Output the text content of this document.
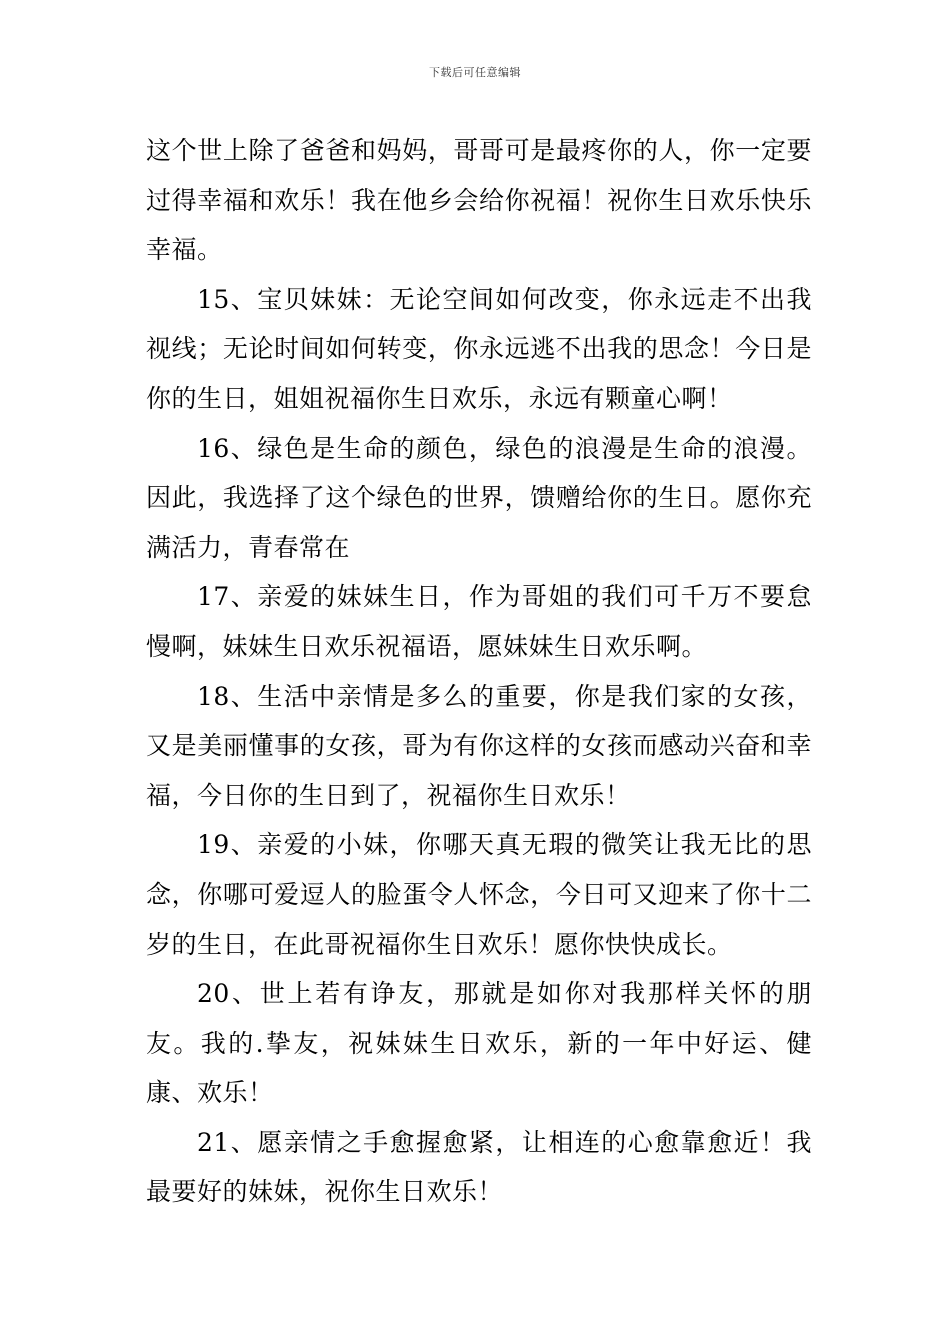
下载后可任意编辑

这个世上除了爸爸和妈妈，哥哥可是最疼你的人，你一定要过得幸福和欢乐！我在他乡会给你祝福！祝你生日欢乐快乐幸福。

15、宝贝妹妹：无论空间如何改变，你永远走不出我视线；无论时间如何转变，你永远逃不出我的思念！今日是你的生日，姐姐祝福你生日欢乐，永远有颗童心啊！

16、绿色是生命的颜色，绿色的浪漫是生命的浪漫。因此，我选择了这个绿色的世界，馈赠给你的生日。愿你充满活力，青春常在

17、亲爱的妹妹生日，作为哥姐的我们可千万不要怠慢啊，妹妹生日欢乐祝福语，愿妹妹生日欢乐啊。

18、生活中亲情是多么的重要，你是我们家的女孩，又是美丽懂事的女孩，哥为有你这样的女孩而感动兴奋和幸福，今日你的生日到了，祝福你生日欢乐！

19、亲爱的小妹，你哪天真无瑕的微笑让我无比的思念，你哪可爱逗人的脸蛋令人怀念，今日可又迎来了你十二岁的生日，在此哥祝福你生日欢乐！愿你快快成长。

20、世上若有诤友，那就是如你对我那样关怀的朋友。我的.挚友，祝妹妹生日欢乐，新的一年中好运、健康、欢乐！

21、愿亲情之手愈握愈紧，让相连的心愈靠愈近！我最要好的妹妹，祝你生日欢乐！
